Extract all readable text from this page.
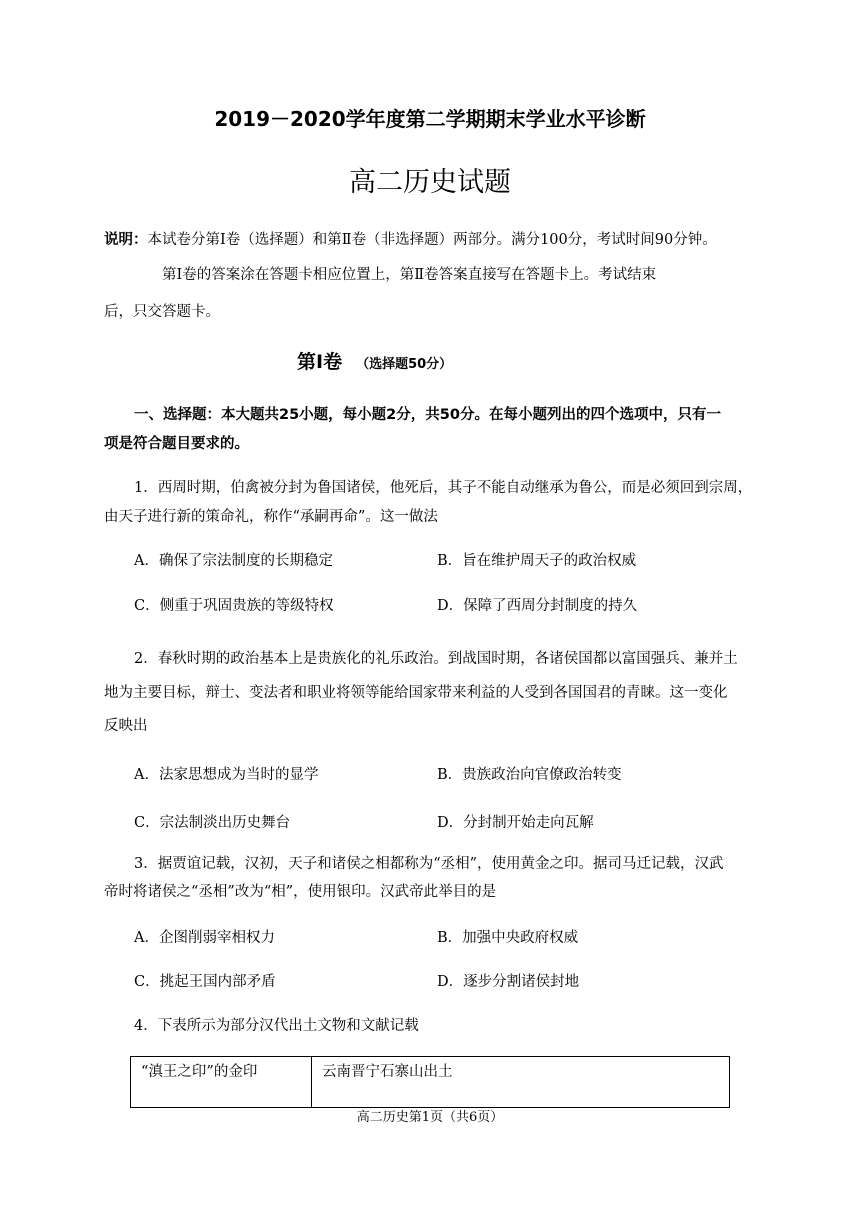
2019－2020学年度第二学期期末学业水平诊断
高二历史试题
说明：本试卷分第Ⅰ卷（选择题）和第Ⅱ卷（非选择题）两部分。满分100分，考试时间90分钟。
第Ⅰ卷的答案涂在答题卡相应位置上，第Ⅱ卷答案直接写在答题卡上。考试结束
后，只交答题卡。
第Ⅰ卷 （选择题50分）
一、选择题：本大题共25小题，每小题2分，共50分。在每小题列出的四个选项中，只有一
项是符合题目要求的。
1．西周时期，伯禽被分封为鲁国诸侯，他死后，其子不能自动继承为鲁公，而是必须回到宗周，
由天子进行新的策命礼，称作“承嗣再命”。这一做法
A．确保了宗法制度的长期稳定	B．旨在维护周天子的政治权威
C．侧重于巩固贵族的等级特权	D．保障了西周分封制度的持久
2．春秋时期的政治基本上是贵族化的礼乐政治。到战国时期，各诸侯国都以富国强兵、兼并土
地为主要目标，辩士、变法者和职业将领等能给国家带来利益的人受到各国国君的青睐。这一变化
反映出
A．法家思想成为当时的显学	B．贵族政治向官僚政治转变
C．宗法制淡出历史舞台	D．分封制开始走向瓦解
3．据贾谊记载，汉初，天子和诸侯之相都称为“丞相”，使用黄金之印。据司马迁记载，汉武
帝时将诸侯之“丞相”改为“相”，使用银印。汉武帝此举目的是
A．企图削弱宰相权力	B．加强中央政府权威
C．挑起王国内部矛盾	D．逐步分割诸侯封地
4．下表所示为部分汉代出土文物和文献记载
“滇王之印”的金印	云南晋宁石寨山出土
高二历史第1页（共6页）
